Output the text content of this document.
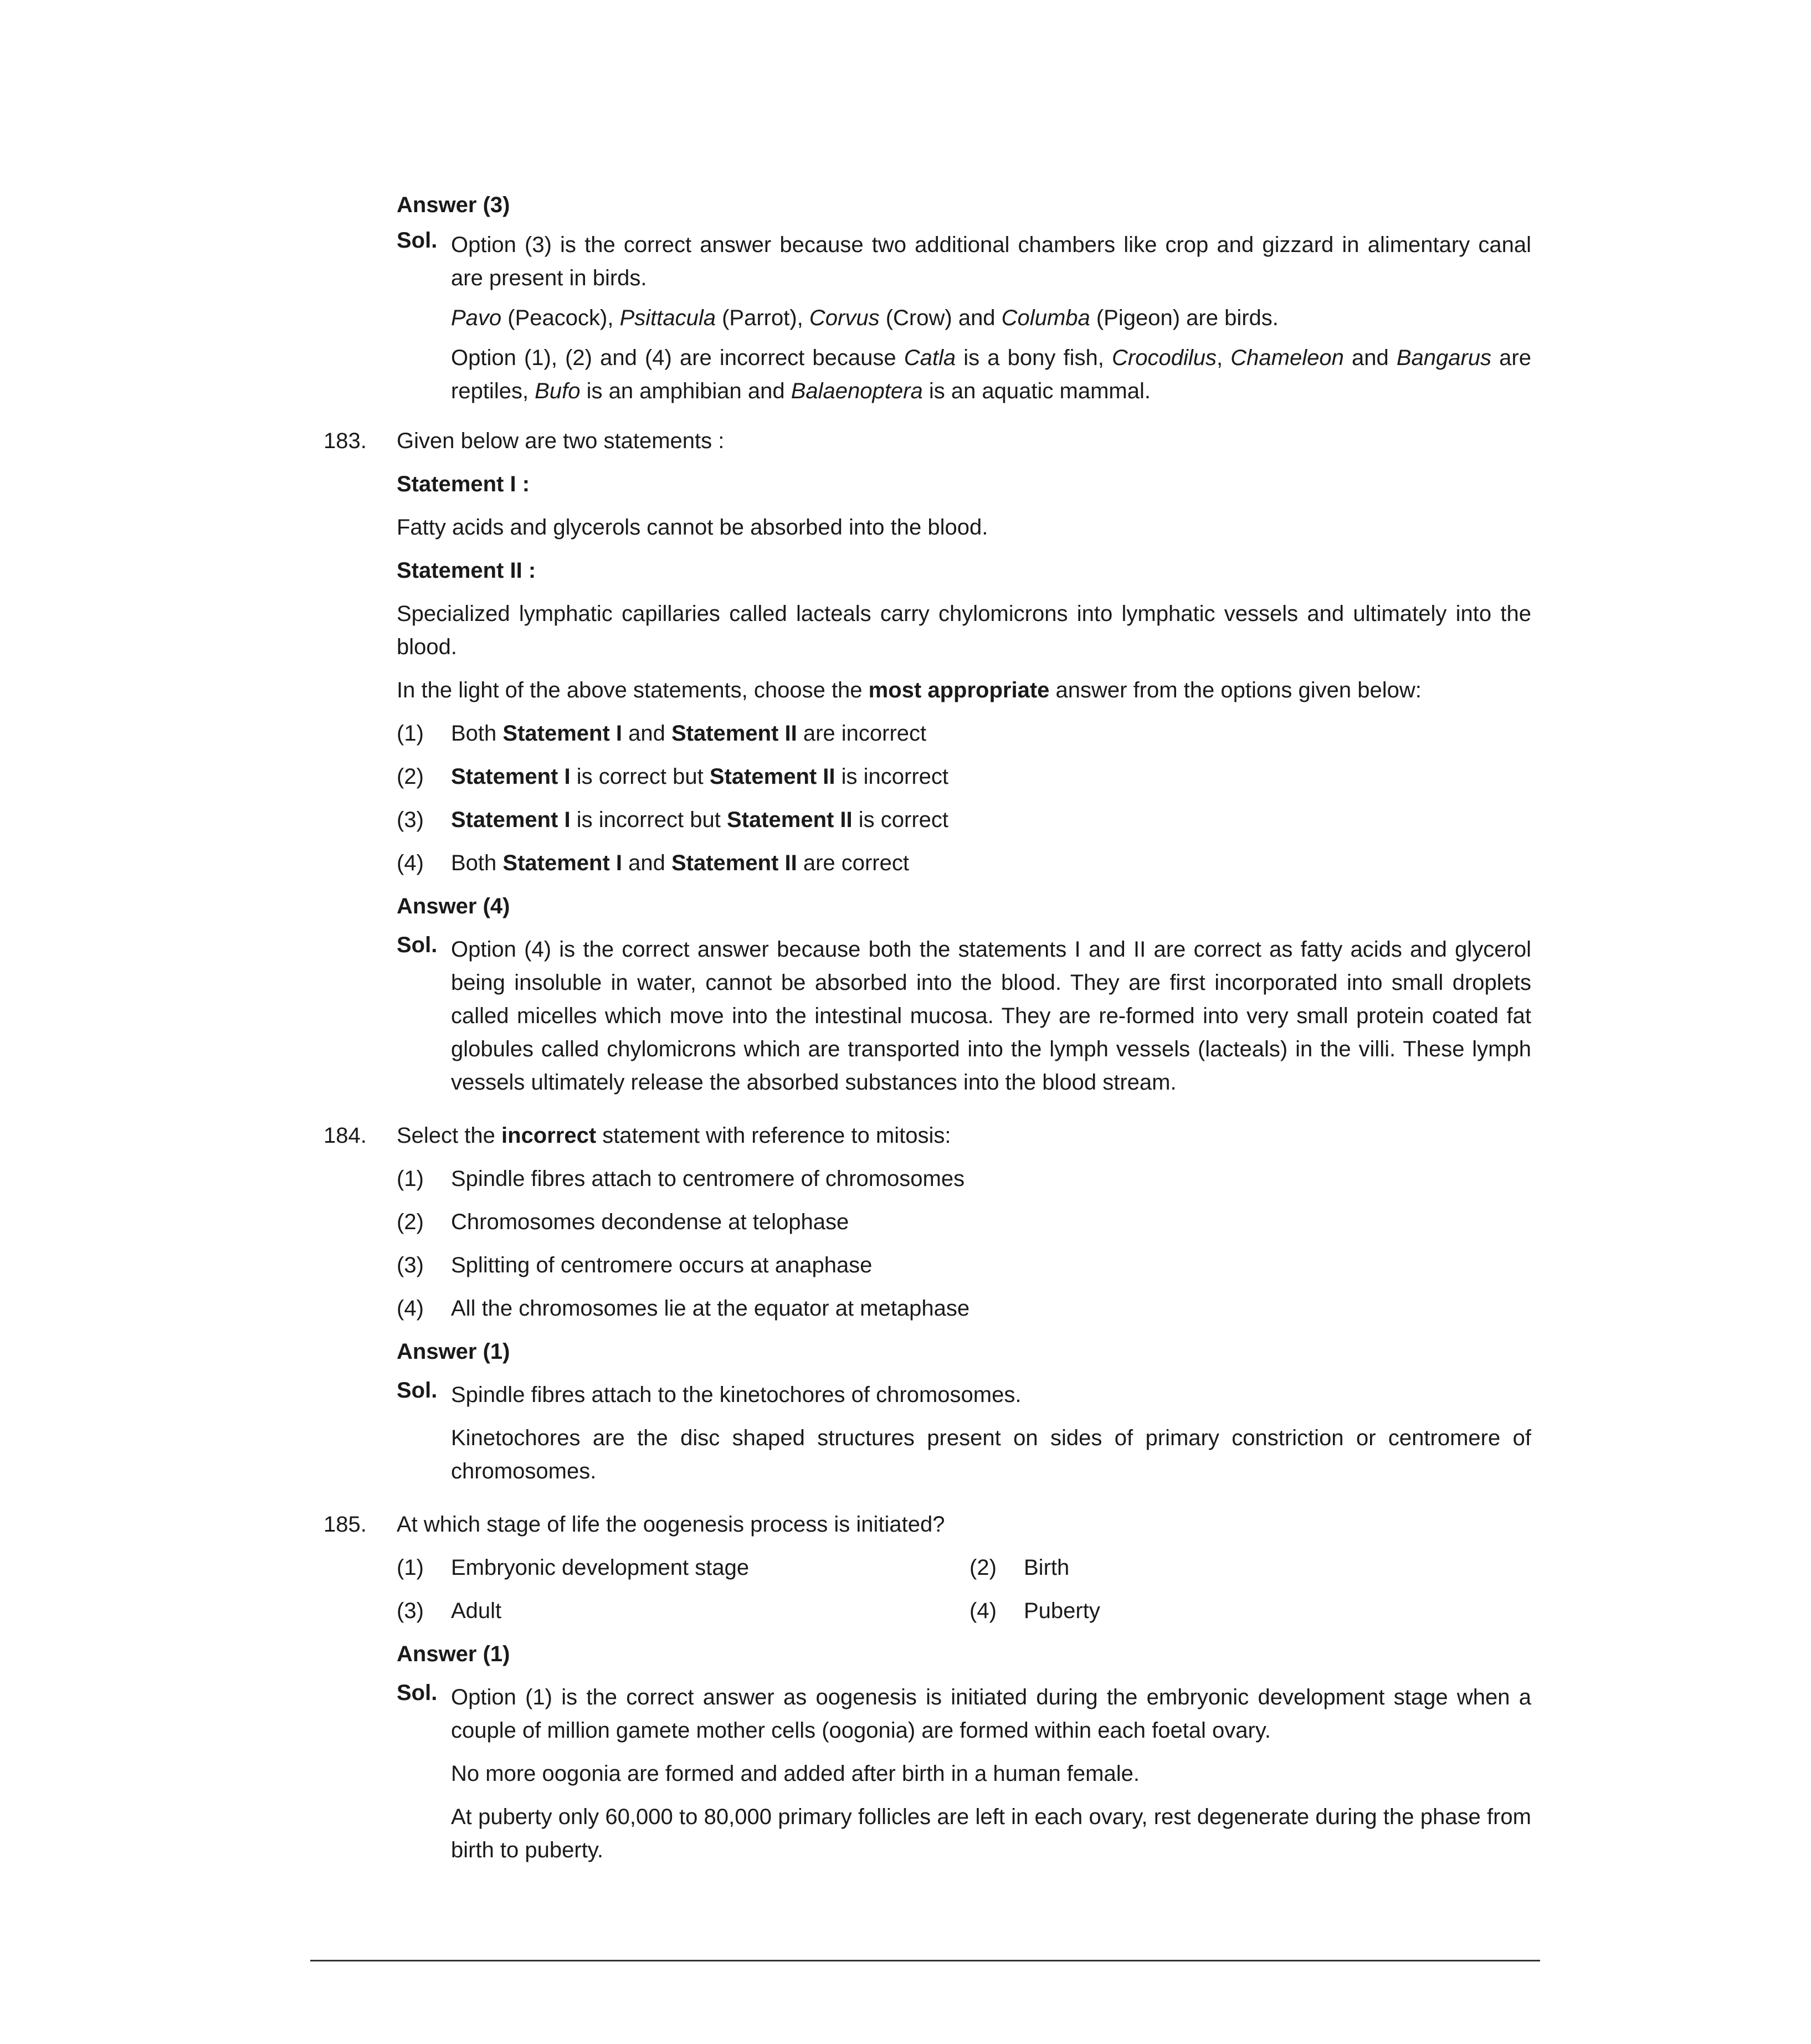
Answer (3)

Sol. Option (3) is the correct answer because two additional chambers like crop and gizzard in alimentary canal are present in birds.

Pavo (Peacock), Psittacula (Parrot), Corvus (Crow) and Columba (Pigeon) are birds.

Option (1), (2) and (4) are incorrect because Catla is a bony fish, Crocodilus, Chameleon and Bangarus are reptiles, Bufo is an amphibian and Balaenoptera is an aquatic mammal.

183. Given below are two statements :

Statement I :

Fatty acids and glycerols cannot be absorbed into the blood.

Statement II :

Specialized lymphatic capillaries called lacteals carry chylomicrons into lymphatic vessels and ultimately into the blood.

In the light of the above statements, choose the most appropriate answer from the options given below:

(1) Both Statement I and Statement II are incorrect
(2) Statement I is correct but Statement II is incorrect
(3) Statement I is incorrect but Statement II is correct
(4) Both Statement I and Statement II are correct

Answer (4)

Sol. Option (4) is the correct answer because both the statements I and II are correct as fatty acids and glycerol being insoluble in water, cannot be absorbed into the blood. They are first incorporated into small droplets called micelles which move into the intestinal mucosa. They are re-formed into very small protein coated fat globules called chylomicrons which are transported into the lymph vessels (lacteals) in the villi. These lymph vessels ultimately release the absorbed substances into the blood stream.

184. Select the incorrect statement with reference to mitosis:

(1) Spindle fibres attach to centromere of chromosomes
(2) Chromosomes decondense at telophase
(3) Splitting of centromere occurs at anaphase
(4) All the chromosomes lie at the equator at metaphase

Answer (1)

Sol. Spindle fibres attach to the kinetochores of chromosomes.

Kinetochores are the disc shaped structures present on sides of primary constriction or centromere of chromosomes.

185. At which stage of life the oogenesis process is initiated?

(1) Embryonic development stage	(2) Birth
(3) Adult	(4) Puberty

Answer (1)

Sol. Option (1) is the correct answer as oogenesis is initiated during the embryonic development stage when a couple of million gamete mother cells (oogonia) are formed within each foetal ovary.

No more oogonia are formed and added after birth in a human female.

At puberty only 60,000 to 80,000 primary follicles are left in each ovary, rest degenerate during the phase from birth to puberty.
